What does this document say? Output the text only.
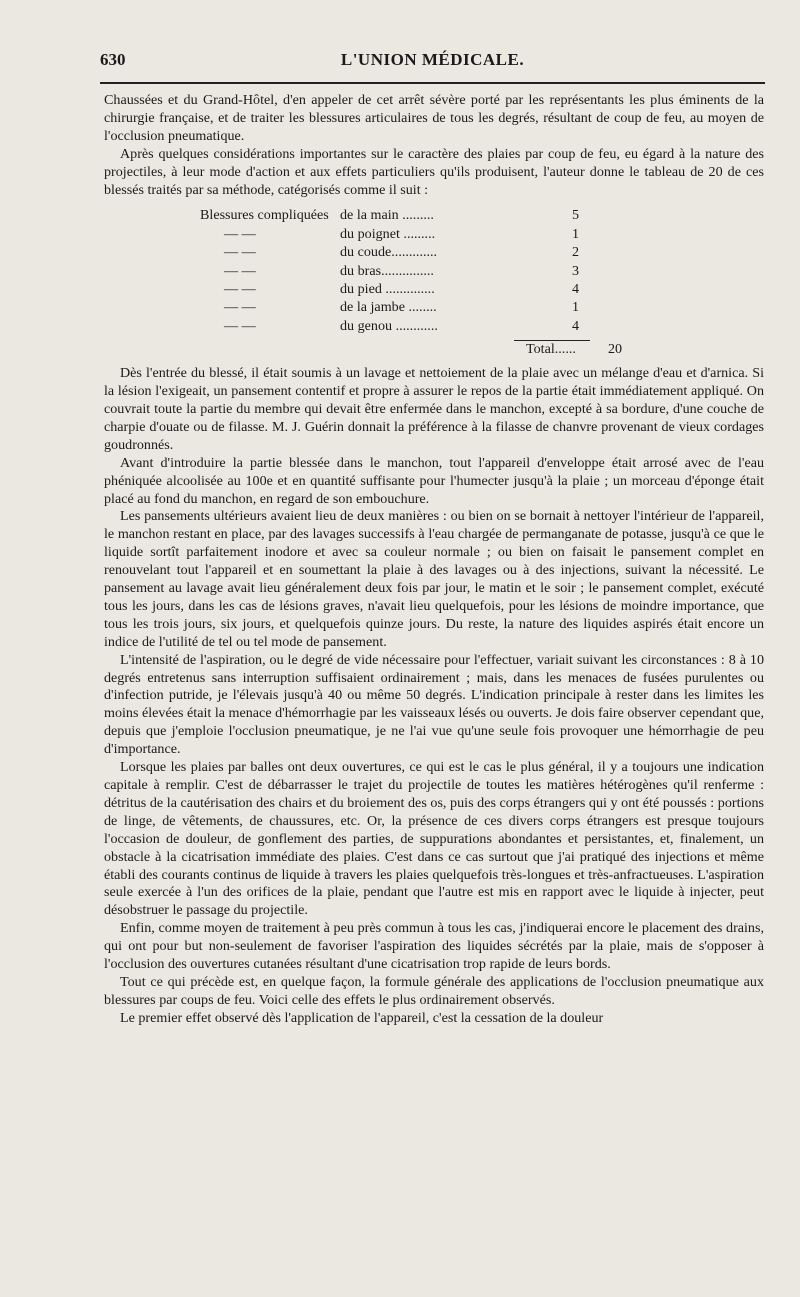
630	L'UNION MÉDICALE.

Chaussées et du Grand-Hôtel, d'en appeler de cet arrêt sévère porté par les représentants les plus éminents de la chirurgie française, et de traiter les blessures articulaires de tous les degrés, résultant de coup de feu, au moyen de l'occlusion pneumatique.

Après quelques considérations importantes sur le caractère des plaies par coup de feu, eu égard à la nature des projectiles, à leur mode d'action et aux effets particuliers qu'ils produisent, l'auteur donne le tableau de 20 de ces blessés traités par sa méthode, catégorisés comme il suit :

Blessures compliquées de la main .........	5
— —	du poignet .........	1
— —	du coude.............	2
— —	du bras...............	3
— —	du pied ..............	4
— —	de la jambe ........	1
— —	du genou ............	4
Total......	20

Dès l'entrée du blessé, il était soumis à un lavage et nettoiement de la plaie avec un mélange d'eau et d'arnica. Si la lésion l'exigeait, un pansement contentif et propre à assurer le repos de la partie était immédiatement appliqué. On couvrait toute la partie du membre qui devait être enfermée dans le manchon, excepté à sa bordure, d'une couche de charpie d'ouate ou de filasse. M. J. Guérin donnait la préférence à la filasse de chanvre provenant de vieux cordages goudronnés.

Avant d'introduire la partie blessée dans le manchon, tout l'appareil d'enveloppe était arrosé avec de l'eau phéniquée alcoolisée au 100e et en quantité suffisante pour l'humecter jusqu'à la plaie ; un morceau d'éponge était placé au fond du manchon, en regard de son embouchure.

Les pansements ultérieurs avaient lieu de deux manières : ou bien on se bornait à nettoyer l'intérieur de l'appareil, le manchon restant en place, par des lavages successifs à l'eau chargée de permanganate de potasse, jusqu'à ce que le liquide sortît parfaitement inodore et avec sa couleur normale ; ou bien on faisait le pansement complet en renouvelant tout l'appareil et en soumettant la plaie à des lavages ou à des injections, suivant la nécessité. Le pansement au lavage avait lieu généralement deux fois par jour, le matin et le soir ; le pansement complet, exécuté tous les jours, dans les cas de lésions graves, n'avait lieu quelquefois, pour les lésions de moindre importance, que tous les trois jours, six jours, et quelquefois quinze jours. Du reste, la nature des liquides aspirés était encore un indice de l'utilité de tel ou tel mode de pansement.

L'intensité de l'aspiration, ou le degré de vide nécessaire pour l'effectuer, variait suivant les circonstances : 8 à 10 degrés entretenus sans interruption suffisaient ordinairement ; mais, dans les menaces de fusées purulentes ou d'infection putride, je l'élevais jusqu'à 40 ou même 50 degrés. L'indication principale à rester dans les limites les moins élevées était la menace d'hémorrhagie par les vaisseaux lésés ou ouverts. Je dois faire observer cependant que, depuis que j'emploie l'occlusion pneumatique, je ne l'ai vue qu'une seule fois provoquer une hémorrhagie de peu d'importance.

Lorsque les plaies par balles ont deux ouvertures, ce qui est le cas le plus général, il y a toujours une indication capitale à remplir. C'est de débarrasser le trajet du projectile de toutes les matières hétérogènes qu'il renferme : détritus de la cautérisation des chairs et du broiement des os, puis des corps étrangers qui y ont été poussés : portions de linge, de vêtements, de chaussures, etc. Or, la présence de ces divers corps étrangers est presque toujours l'occasion de douleur, de gonflement des parties, de suppurations abondantes et persistantes, et, finalement, un obstacle à la cicatrisation immédiate des plaies. C'est dans ce cas surtout que j'ai pratiqué des injections et même établi des courants continus de liquide à travers les plaies quelquefois très-longues et très-anfractueuses. L'aspiration seule exercée à l'un des orifices de la plaie, pendant que l'autre est mis en rapport avec le liquide à injecter, peut désobstruer le passage du projectile.

Enfin, comme moyen de traitement à peu près commun à tous les cas, j'indiquerai encore le placement des drains, qui ont pour but non-seulement de favoriser l'aspiration des liquides sécrétés par la plaie, mais de s'opposer à l'occlusion des ouvertures cutanées résultant d'une cicatrisation trop rapide de leurs bords.

Tout ce qui précède est, en quelque façon, la formule générale des applications de l'occlusion pneumatique aux blessures par coups de feu. Voici celle des effets le plus ordinairement observés.

Le premier effet observé dès l'application de l'appareil, c'est la cessation de la douleur
